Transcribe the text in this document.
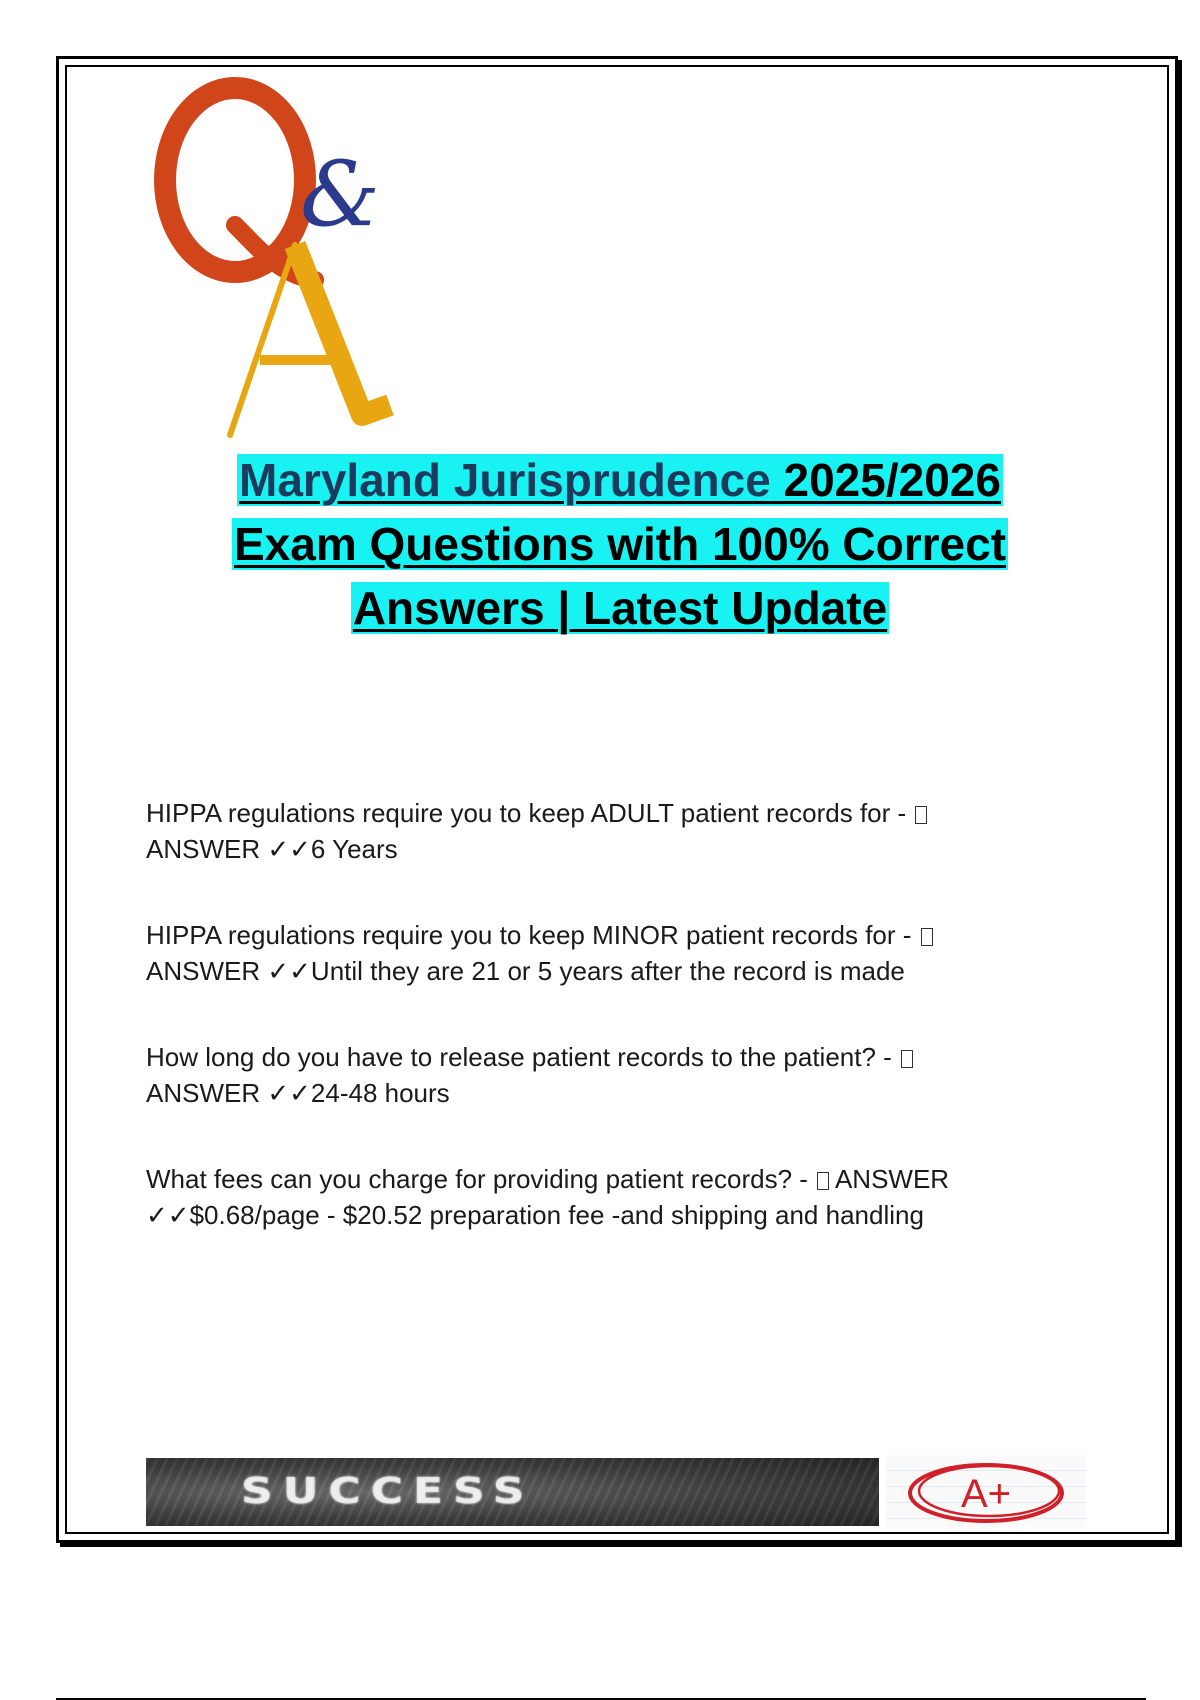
&
Maryland Jurisprudence 2025/2026
Exam Questions with 100% Correct
Answers | Latest Update

HIPPA regulations require you to keep ADULT patient records for -

ANSWER ✓✓6 Years

HIPPA regulations require you to keep MINOR patient records for -

ANSWER ✓✓Until they are 21 or 5 years after the record is made

How long do you have to release patient records to the patient? -

ANSWER ✓✓24-48 hours

What fees can you charge for providing patient records? - ANSWER

✓✓$0.68/page - $20.52 preparation fee -and shipping and handling

SUCCESS	A+
